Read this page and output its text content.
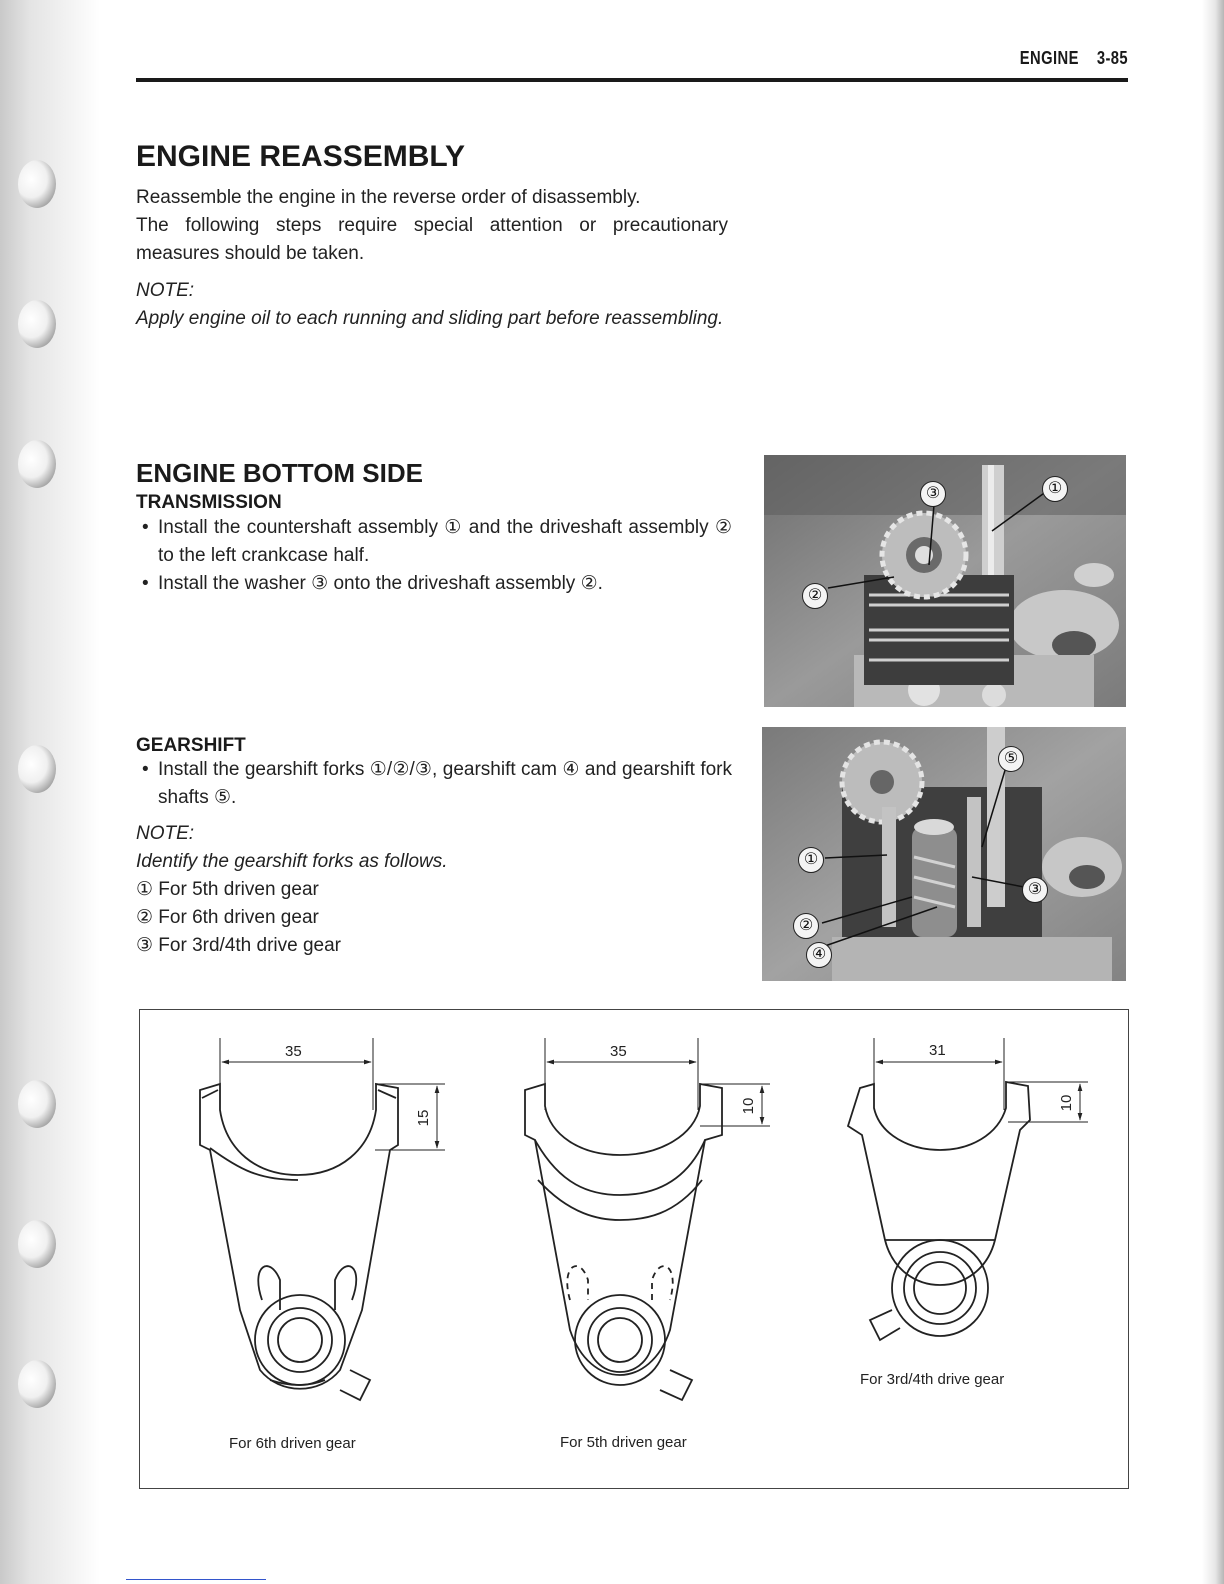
ENGINE 3-85
ENGINE REASSEMBLY

Reassemble the engine in the reverse order of disassembly.

The following steps require special attention or precautionary measures should be taken.

NOTE:

Apply engine oil to each running and sliding part before reassembling.

ENGINE BOTTOM SIDE
TRANSMISSION
• Install the countershaft assembly ① and the driveshaft assembly ② to the left crankcase half.
• Install the washer ③ onto the driveshaft assembly ②.
GEARSHIFT
• Install the gearshift forks ①/②/③, gearshift cam ④ and gearshift fork shafts ⑤.

NOTE:

Identify the gearshift forks as follows.

① For 5th driven gear

② For 6th driven gear

③ For 3rd/4th drive gear

③	①
②
⑤
①
③
②
④
35	35	31
15
10	10
For 6th driven gear	For 5th driven gear
For 3rd/4th drive gear
